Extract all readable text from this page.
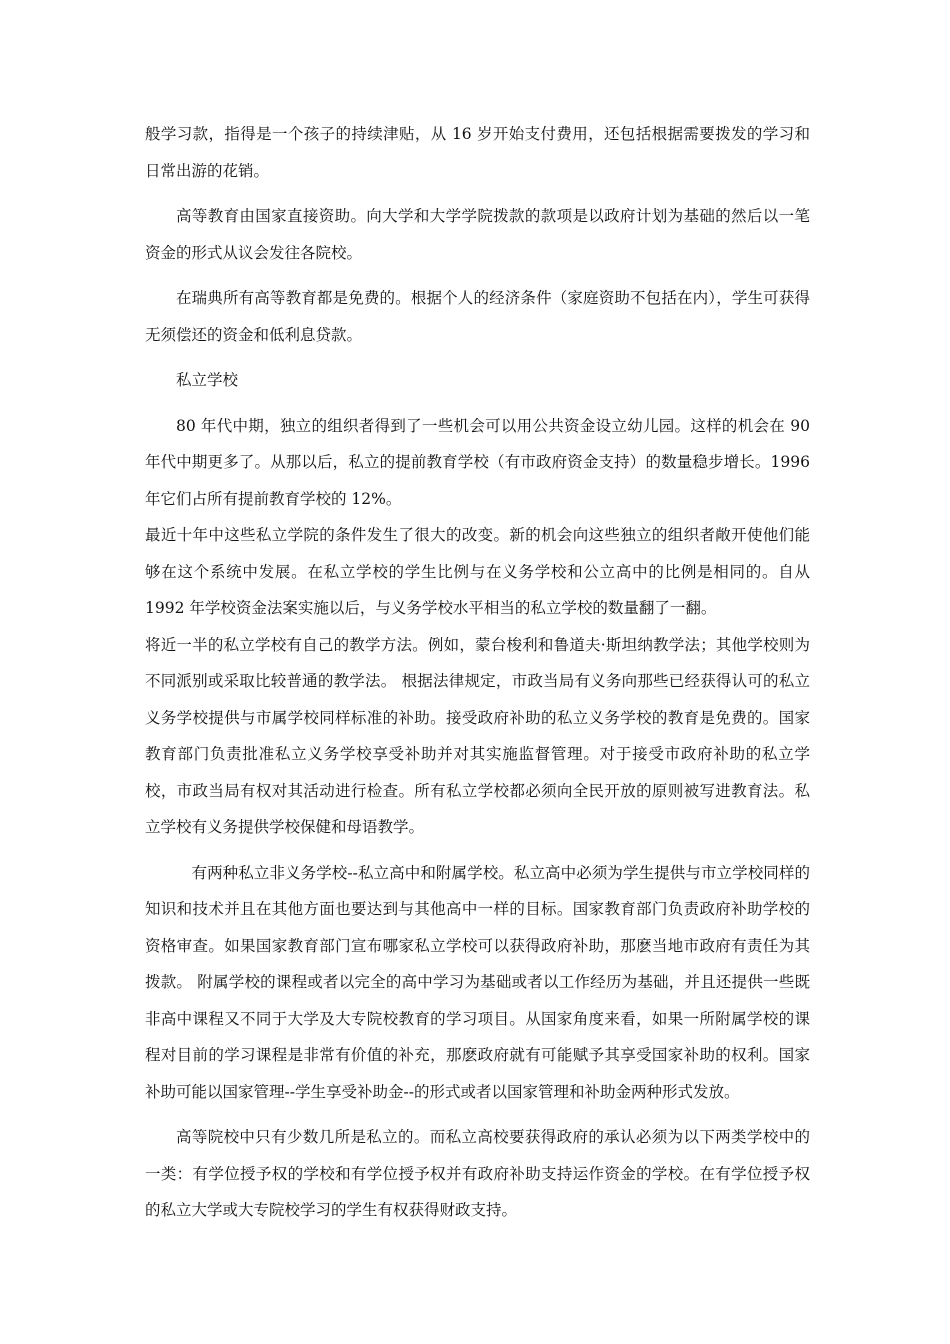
般学习款，指得是一个孩子的持续津贴，从 16 岁开始支付费用，还包括根据需要拨发的学习和日常出游的花销。

高等教育由国家直接资助。向大学和大学学院拨款的款项是以政府计划为基础的然后以一笔资金的形式从议会发往各院校。

在瑞典所有高等教育都是免费的。根据个人的经济条件（家庭资助不包括在内），学生可获得无须偿还的资金和低利息贷款。

私立学校

80 年代中期，独立的组织者得到了一些机会可以用公共资金设立幼儿园。这样的机会在 90 年代中期更多了。从那以后，私立的提前教育学校（有市政府资金支持）的数量稳步增长。1996 年它们占所有提前教育学校的 12%。

最近十年中这些私立学院的条件发生了很大的改变。新的机会向这些独立的组织者敞开使他们能够在这个系统中发展。在私立学校的学生比例与在义务学校和公立高中的比例是相同的。自从 1992 年学校资金法案实施以后，与义务学校水平相当的私立学校的数量翻了一翻。

将近一半的私立学校有自己的教学方法。例如，蒙台梭利和鲁道夫·斯坦纳教学法；其他学校则为不同派别或采取比较普通的教学法。 根据法律规定，市政当局有义务向那些已经获得认可的私立义务学校提供与市属学校同样标准的补助。接受政府补助的私立义务学校的教育是免费的。国家教育部门负责批准私立义务学校享受补助并对其实施监督管理。对于接受市政府补助的私立学校，市政当局有权对其活动进行检查。所有私立学校都必须向全民开放的原则被写进教育法。私立学校有义务提供学校保健和母语教学。

有两种私立非义务学校--私立高中和附属学校。私立高中必须为学生提供与市立学校同样的知识和技术并且在其他方面也要达到与其他高中一样的目标。国家教育部门负责政府补助学校的资格审查。如果国家教育部门宣布哪家私立学校可以获得政府补助，那麽当地市政府有责任为其拨款。 附属学校的课程或者以完全的高中学习为基础或者以工作经历为基础，并且还提供一些既非高中课程又不同于大学及大专院校教育的学习项目。从国家角度来看，如果一所附属学校的课程对目前的学习课程是非常有价值的补充，那麽政府就有可能赋予其享受国家补助的权利。国家补助可能以国家管理--学生享受补助金--的形式或者以国家管理和补助金两种形式发放。

高等院校中只有少数几所是私立的。而私立高校要获得政府的承认必须为以下两类学校中的一类：有学位授予权的学校和有学位授予权并有政府补助支持运作资金的学校。在有学位授予权的私立大学或大专院校学习的学生有权获得财政支持。
